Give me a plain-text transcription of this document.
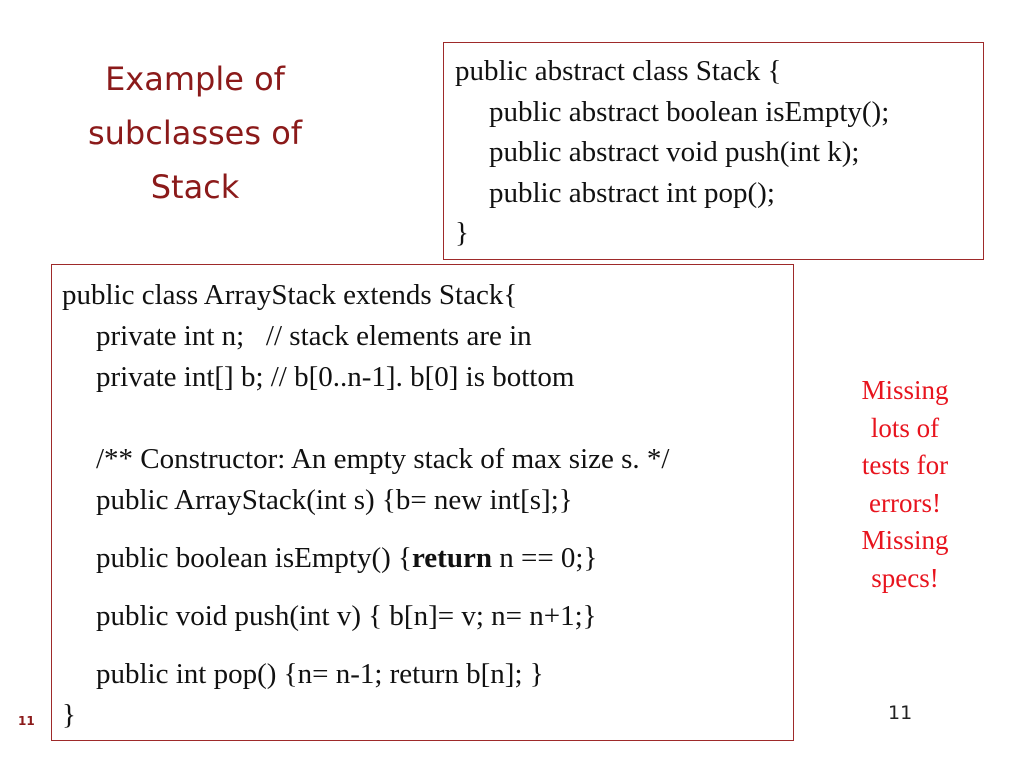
Example of
subclasses of
Stack
public abstract class Stack {
public abstract boolean isEmpty();
public abstract void push(int k);
public abstract int pop();
}
public class ArrayStack extends Stack{
private int n;   // stack elements are in
private int[] b; // b[0..n-1]. b[0] is bottom
/** Constructor: An empty stack of max size s. */
public ArrayStack(int s) {b= new int[s];}
public boolean isEmpty() {return n == 0;}
public void push(int v) { b[n]= v; n= n+1;}
public int pop() {n= n-1; return b[n]; }
}
Missing
lots of
tests for
errors!
Missing
specs!
11
11
